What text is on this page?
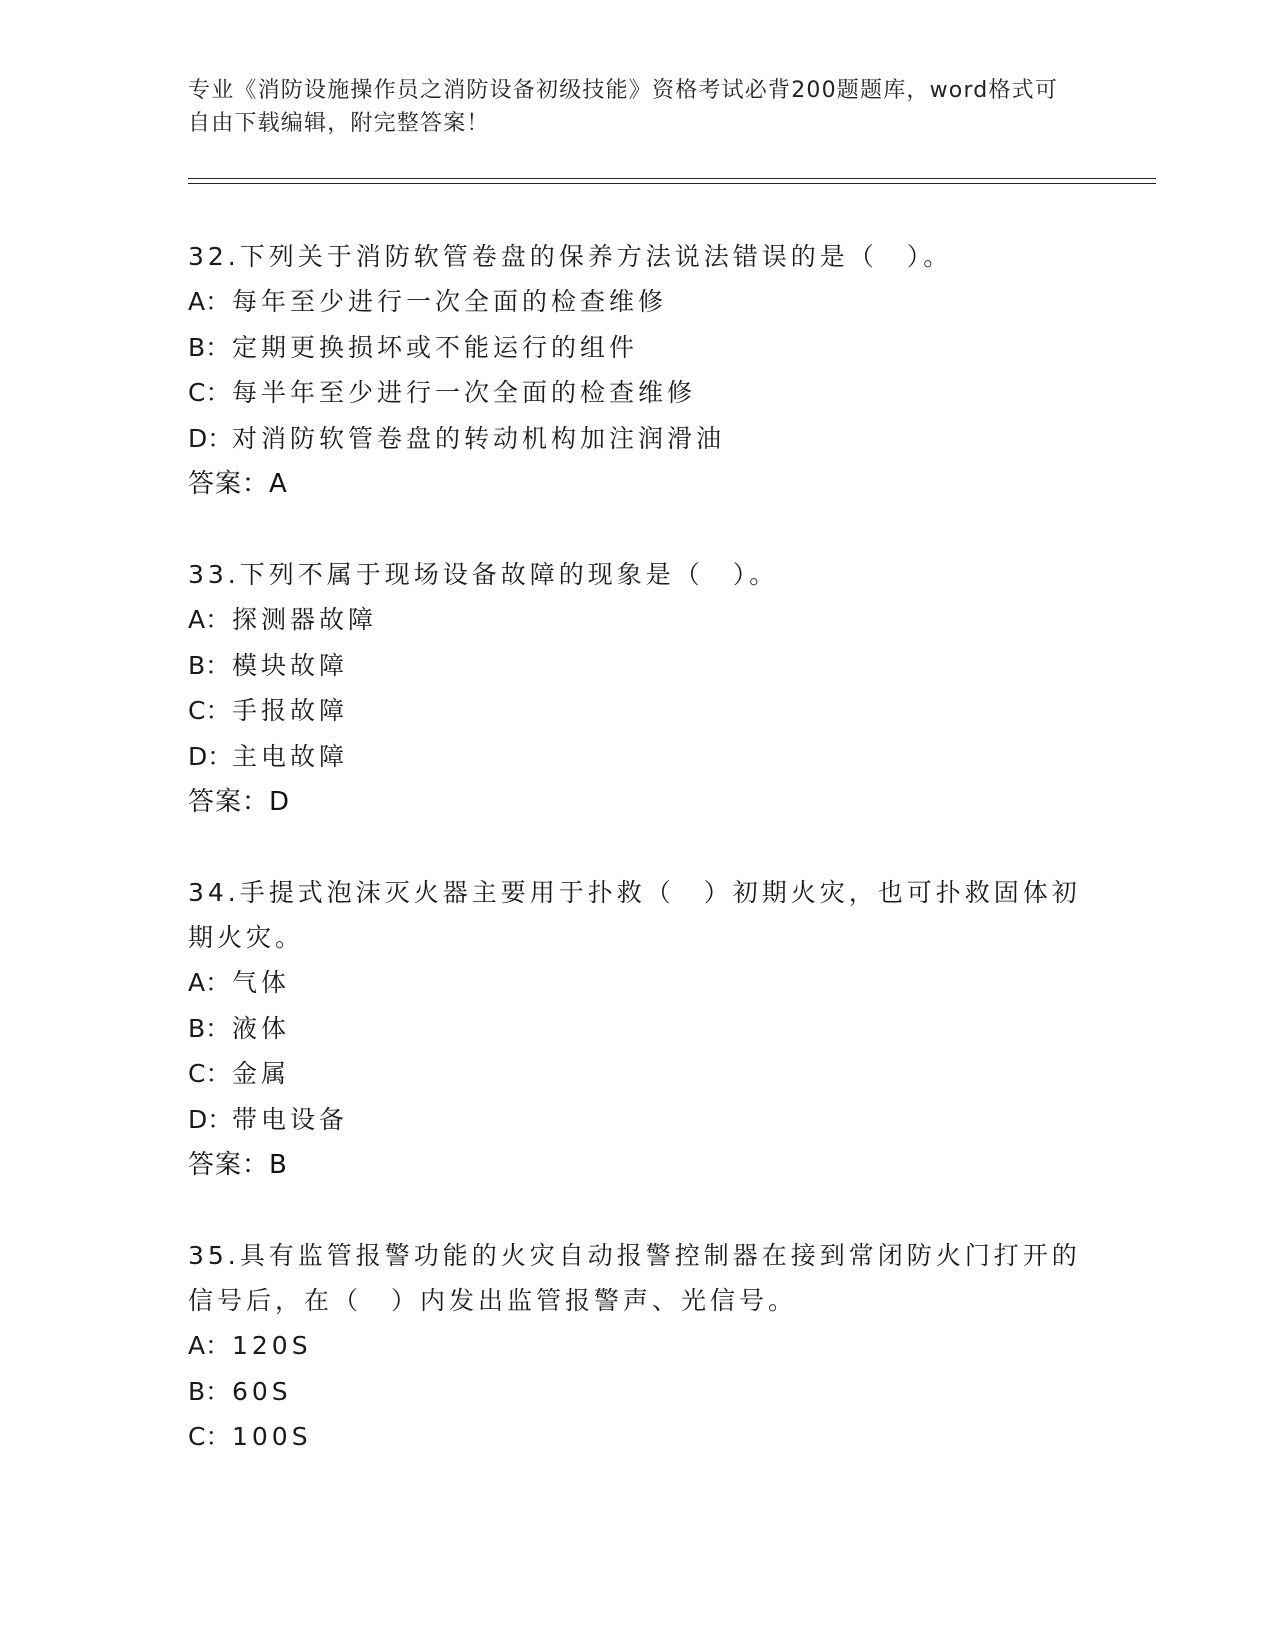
专业《消防设施操作员之消防设备初级技能》资格考试必背200题题库，word格式可自由下载编辑，附完整答案！
32.下列关于消防软管卷盘的保养方法说法错误的是（　）。
A：每年至少进行一次全面的检查维修
B：定期更换损坏或不能运行的组件
C：每半年至少进行一次全面的检查维修
D：对消防软管卷盘的转动机构加注润滑油
答案：A
33.下列不属于现场设备故障的现象是（　）。
A：探测器故障
B：模块故障
C：手报故障
D：主电故障
答案：D
34.手提式泡沫灭火器主要用于扑救（　）初期火灾，也可扑救固体初期火灾。
A：气体
B：液体
C：金属
D：带电设备
答案：B
35.具有监管报警功能的火灾自动报警控制器在接到常闭防火门打开的信号后，在（　）内发出监管报警声、光信号。
A：120S
B：60S
C：100S
